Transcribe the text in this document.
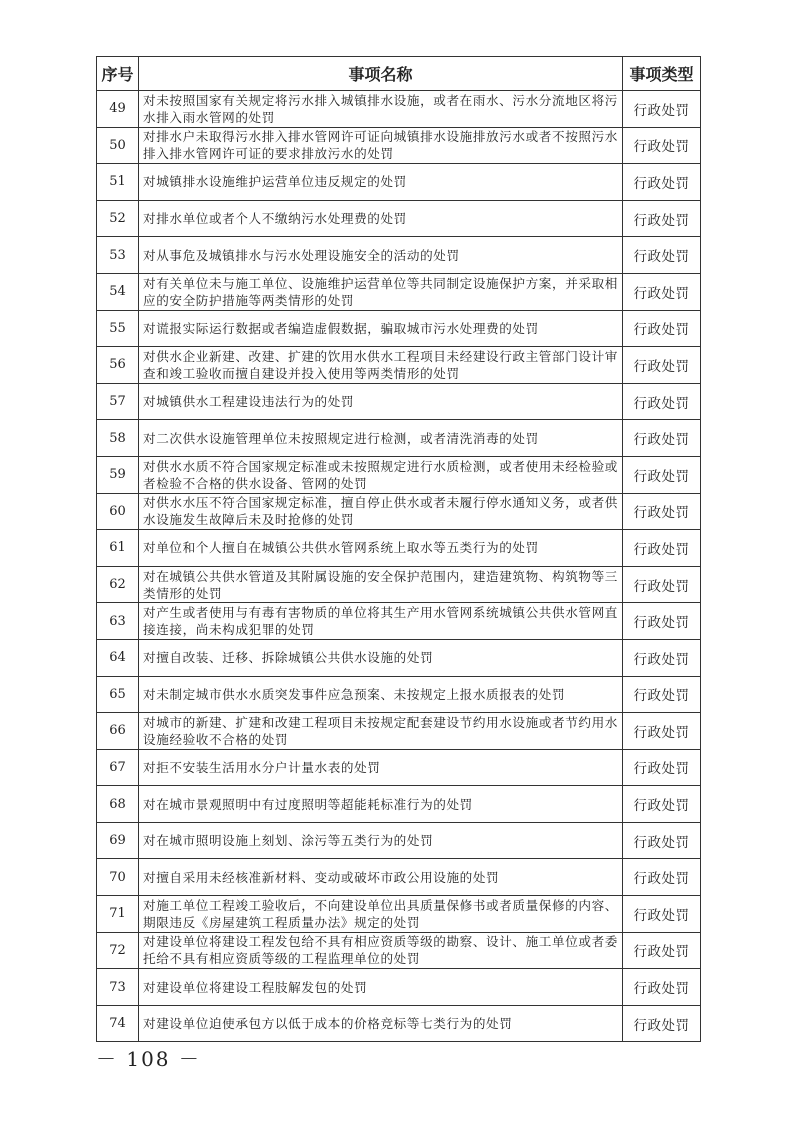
序号	事项名称	事项类型
49	对未按照国家有关规定将污水排入城镇排水设施，或者在雨水、污水分流地区将污水排入雨水管网的处罚	行政处罚
50	对排水户未取得污水排入排水管网许可证向城镇排水设施排放污水或者不按照污水排入排水管网许可证的要求排放污水的处罚	行政处罚
51	对城镇排水设施维护运营单位违反规定的处罚	行政处罚
52	对排水单位或者个人不缴纳污水处理费的处罚	行政处罚
53	对从事危及城镇排水与污水处理设施安全的活动的处罚	行政处罚
54	对有关单位未与施工单位、设施维护运营单位等共同制定设施保护方案，并采取相应的安全防护措施等两类情形的处罚	行政处罚
55	对谎报实际运行数据或者编造虚假数据，骗取城市污水处理费的处罚	行政处罚
56	对供水企业新建、改建、扩建的饮用水供水工程项目未经建设行政主管部门设计审查和竣工验收而擅自建设并投入使用等两类情形的处罚	行政处罚
57	对城镇供水工程建设违法行为的处罚	行政处罚
58	对二次供水设施管理单位未按照规定进行检测，或者清洗消毒的处罚	行政处罚
59	对供水水质不符合国家规定标准或未按照规定进行水质检测，或者使用未经检验或者检验不合格的供水设备、管网的处罚	行政处罚
60	对供水水压不符合国家规定标准，擅自停止供水或者未履行停水通知义务，或者供水设施发生故障后未及时抢修的处罚	行政处罚
61	对单位和个人擅自在城镇公共供水管网系统上取水等五类行为的处罚	行政处罚
62	对在城镇公共供水管道及其附属设施的安全保护范围内，建造建筑物、构筑物等三类情形的处罚	行政处罚
63	对产生或者使用与有毒有害物质的单位将其生产用水管网系统城镇公共供水管网直接连接，尚未构成犯罪的处罚	行政处罚
64	对擅自改装、迁移、拆除城镇公共供水设施的处罚	行政处罚
65	对未制定城市供水水质突发事件应急预案、未按规定上报水质报表的处罚	行政处罚
66	对城市的新建、扩建和改建工程项目未按规定配套建设节约用水设施或者节约用水设施经验收不合格的处罚	行政处罚
67	对拒不安装生活用水分户计量水表的处罚	行政处罚
68	对在城市景观照明中有过度照明等超能耗标准行为的处罚	行政处罚
69	对在城市照明设施上刻划、涂污等五类行为的处罚	行政处罚
70	对擅自采用未经核准新材料、变动或破坏市政公用设施的处罚	行政处罚
71	对施工单位工程竣工验收后，不向建设单位出具质量保修书或者质量保修的内容、期限违反《房屋建筑工程质量办法》规定的处罚	行政处罚
72	对建设单位将建设工程发包给不具有相应资质等级的勘察、设计、施工单位或者委托给不具有相应资质等级的工程监理单位的处罚	行政处罚
73	对建设单位将建设工程肢解发包的处罚	行政处罚
74	对建设单位迫使承包方以低于成本的价格竞标等七类行为的处罚	行政处罚
－ 108 －
